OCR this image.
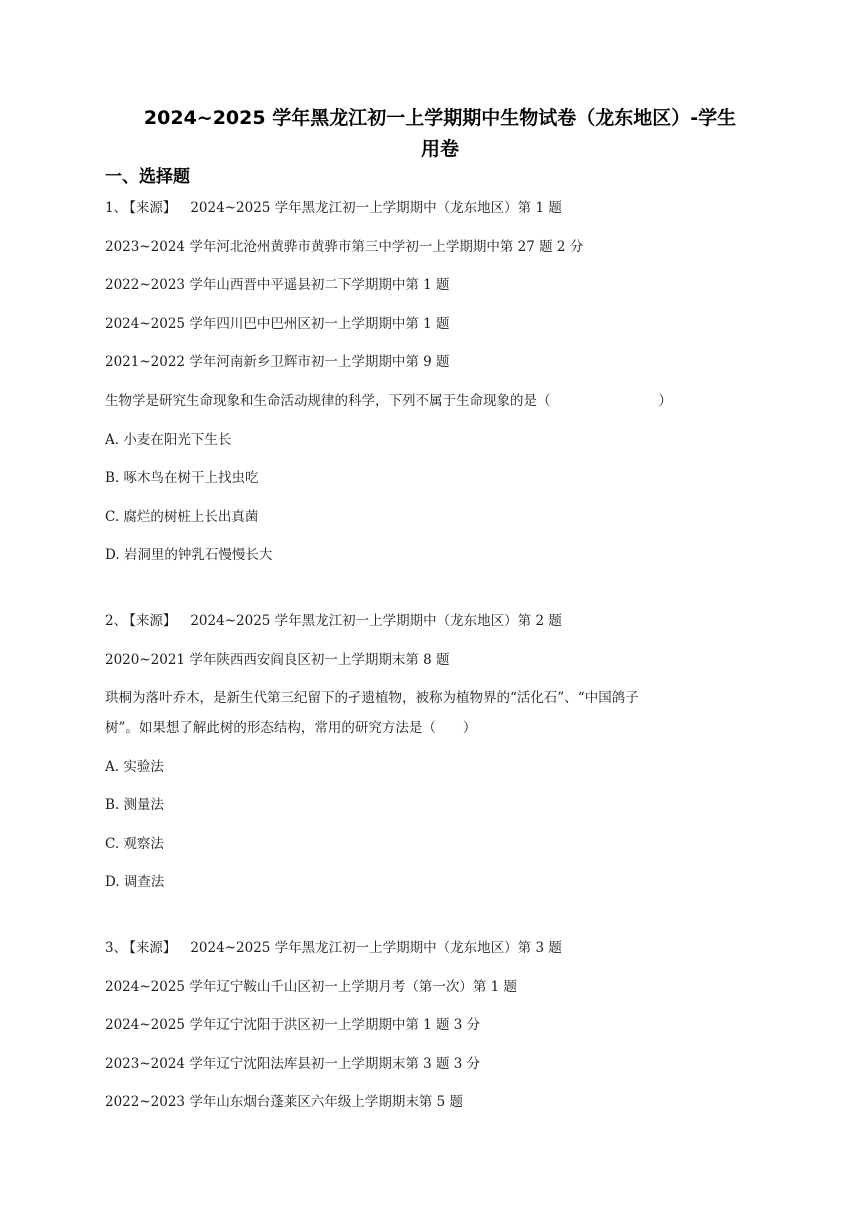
2024~2025 学年黑龙江初一上学期期中生物试卷（龙东地区）-学生
用卷
一、选择题
1、 【来源】 2024~2025 学年黑龙江初一上学期期中（龙东地区）第 1 题
2023~2024 学年河北沧州黄骅市黄骅市第三中学初一上学期期中第 27 题 2 分
2022~2023 学年山西晋中平遥县初二下学期期中第 1 题
2024~2025 学年四川巴中巴州区初一上学期期中第 1 题
2021~2022 学年河南新乡卫辉市初一上学期期中第 9 题
生物学是研究生命现象和生命活动规律的科学，下列不属于生命现象的是（　　　　　　　　）
A. 小麦在阳光下生长
B. 啄木鸟在树干上找虫吃
C. 腐烂的树桩上长出真菌
D. 岩洞里的钟乳石慢慢长大
2、 【来源】 2024~2025 学年黑龙江初一上学期期中（龙东地区）第 2 题
2020~2021 学年陕西西安阎良区初一上学期期末第 8 题
珙桐为落叶乔木，是新生代第三纪留下的孑遗植物，被称为植物界的“活化石”、“中国鸽子
树”。如果想了解此树的形态结构，常用的研究方法是（　　）
A. 实验法
B. 测量法
C. 观察法
D. 调查法
3、 【来源】 2024~2025 学年黑龙江初一上学期期中（龙东地区）第 3 题
2024~2025 学年辽宁鞍山千山区初一上学期月考（第一次）第 1 题
2024~2025 学年辽宁沈阳于洪区初一上学期期中第 1 题 3 分
2023~2024 学年辽宁沈阳法库县初一上学期期末第 3 题 3 分
2022~2023 学年山东烟台蓬莱区六年级上学期期末第 5 题
